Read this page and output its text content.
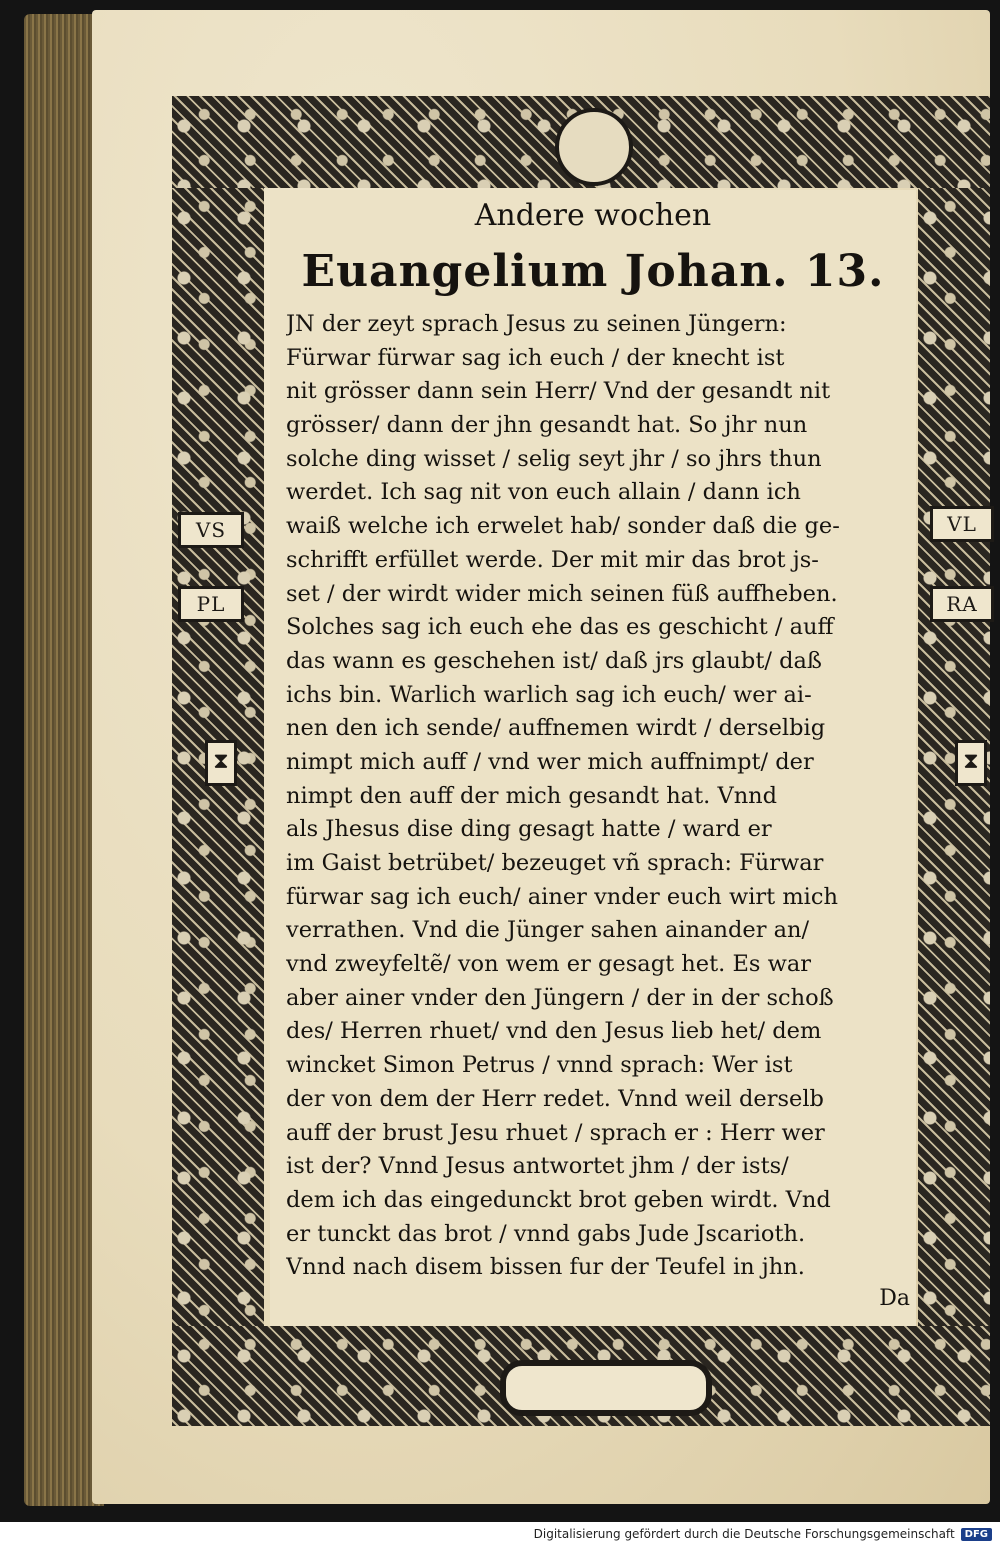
VS
PL
VL
RA
⧗	⧗
Andere wochen
Euangelium Johan. 13.
JN der zeyt sprach Jesus zu seinen Jüngern:
Fürwar fürwar sag ich euch / der knecht ist
nit grösser dann sein Herr/ Vnd der gesandt nit
grösser/ dann der jhn gesandt hat. So jhr nun
solche ding wisset / selig seyt jhr / so jhrs thun
werdet. Ich sag nit von euch allain / dann ich
waiß welche ich erwelet hab/ sonder daß die ge-
schrifft erfüllet werde. Der mit mir das brot js-
set / der wirdt wider mich seinen füß auffheben.
Solches sag ich euch ehe das es geschicht / auff
das wann es geschehen ist/ daß jrs glaubt/ daß
ichs bin. Warlich warlich sag ich euch/ wer ai-
nen den ich sende/ auffnemen wirdt / derselbig
nimpt mich auff / vnd wer mich auffnimpt/ der
nimpt den auff der mich gesandt hat. Vnnd
als Jhesus dise ding gesagt hatte / ward er
im Gaist betrübet/ bezeuget vñ sprach: Fürwar
fürwar sag ich euch/ ainer vnder euch wirt mich
verrathen. Vnd die Jünger sahen ainander an/
vnd zweyfeltẽ/ von wem er gesagt het. Es war
aber ainer vnder den Jüngern / der in der schoß
des/ Herren rhuet/ vnd den Jesus lieb het/ dem
wincket Simon Petrus / vnnd sprach: Wer ist
der von dem der Herr redet. Vnnd weil derselb
auff der brust Jesu rhuet / sprach er : Herr wer
ist der? Vnnd Jesus antwortet jhm / der ists/
dem ich das eingedunckt brot geben wirdt. Vnd
er tunckt das brot / vnnd gabs Jude Jscarioth.
Vnnd nach disem bissen fur der Teufel in jhn.
Da
Digitalisierung gefördert durch die Deutsche Forschungsgemeinschaft	DFG
